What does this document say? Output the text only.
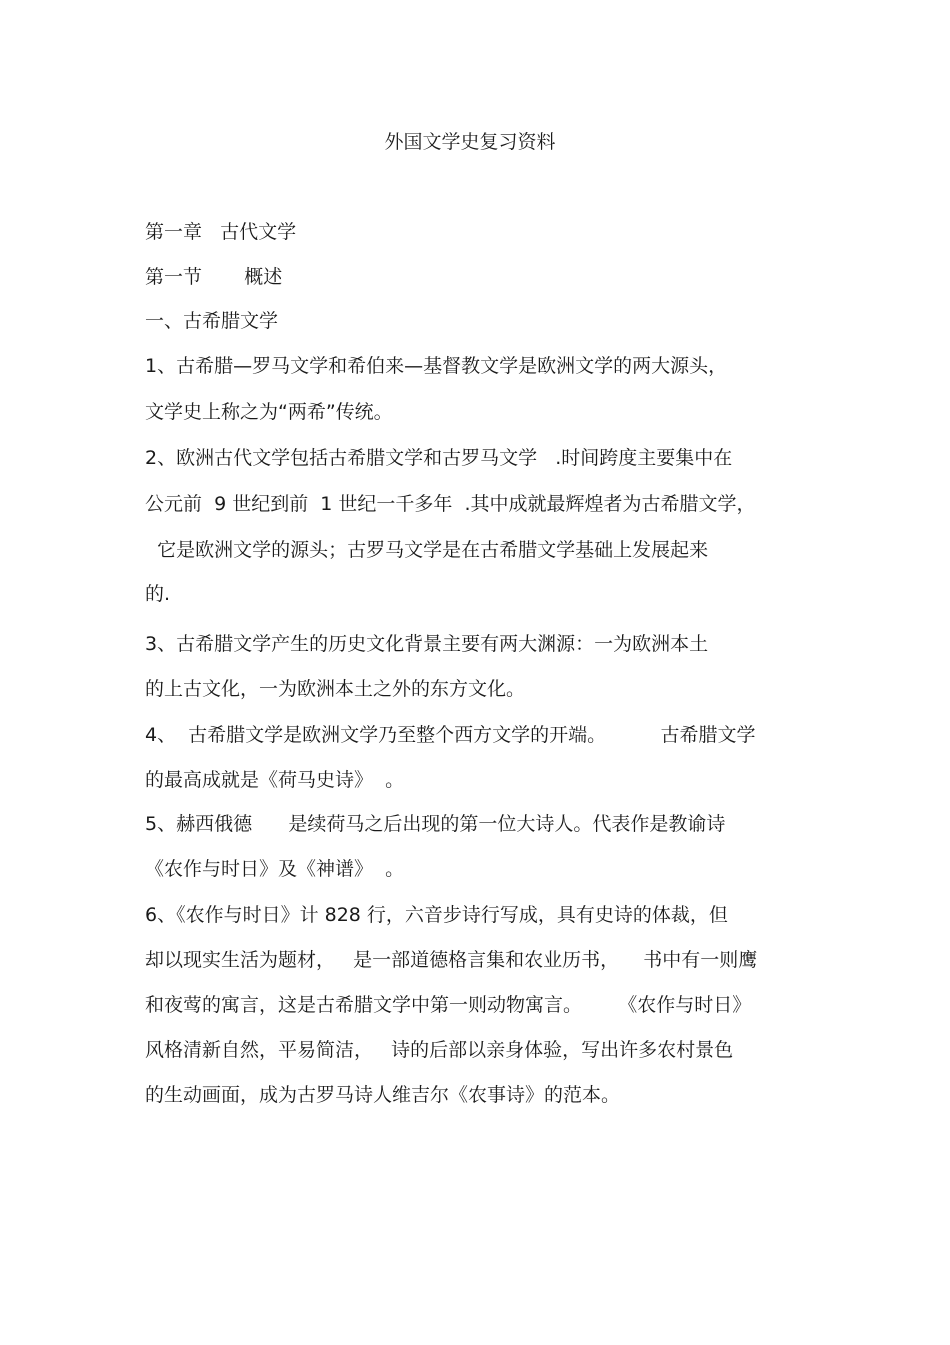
外国文学史复习资料

第一章   古代文学

第一节       概述

一、古希腊文学

1、古希腊—罗马文学和希伯来—基督教文学是欧洲文学的两大源头，

文学史上称之为“两希”传统。

2、欧洲古代文学包括古希腊文学和古罗马文学   .时间跨度主要集中在

公元前  9 世纪到前  1 世纪一千多年  .其中成就最辉煌者为古希腊文学，

它是欧洲文学的源头；古罗马文学是在古希腊文学基础上发展起来

的.

3、古希腊文学产生的历史文化背景主要有两大渊源：一为欧洲本土

的上古文化，一为欧洲本土之外的东方文化。

4、  古希腊文学是欧洲文学乃至整个西方文学的开端。         古希腊文学

的最高成就是《荷马史诗》  。

5、赫西俄德      是续荷马之后出现的第一位大诗人。代表作是教谕诗

《农作与时日》及《神谱》  。

6、《农作与时日》计 828 行，六音步诗行写成，具有史诗的体裁，但

却以现实生活为题材，   是一部道德格言集和农业历书，    书中有一则鹰

和夜莺的寓言，这是古希腊文学中第一则动物寓言。      《农作与时日》

风格清新自然，平易简洁，   诗的后部以亲身体验，写出许多农村景色

的生动画面，成为古罗马诗人维吉尔《农事诗》的范本。
